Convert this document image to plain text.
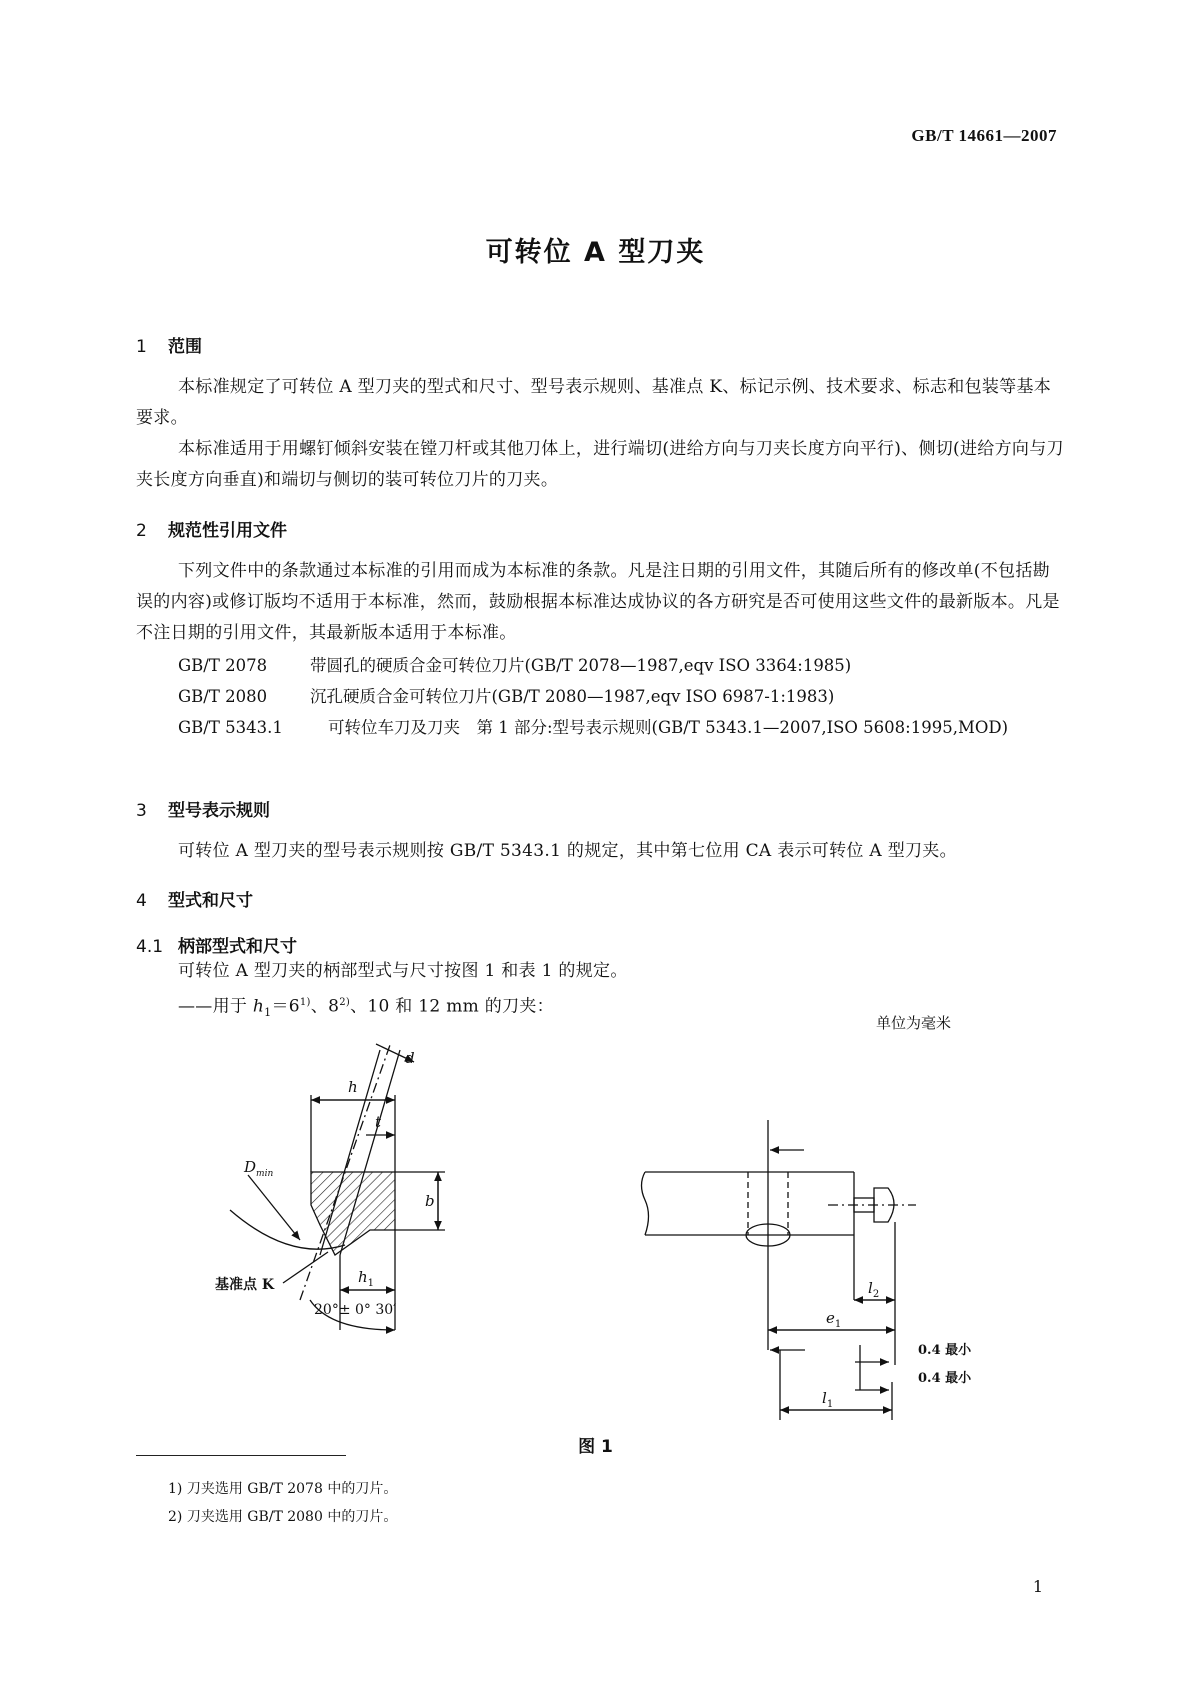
GB/T 14661—2007
可转位 A 型刀夹
1 范围
本标准规定了可转位 A 型刀夹的型式和尺寸、型号表示规则、基准点 K、标记示例、技术要求、标志和包装等基本要求。
本标准适用于用螺钉倾斜安装在镗刀杆或其他刀体上，进行端切(进给方向与刀夹长度方向平行)、侧切(进给方向与刀夹长度方向垂直)和端切与侧切的装可转位刀片的刀夹。
2 规范性引用文件
下列文件中的条款通过本标准的引用而成为本标准的条款。凡是注日期的引用文件，其随后所有的修改单(不包括勘误的内容)或修订版均不适用于本标准，然而，鼓励根据本标准达成协议的各方研究是否可使用这些文件的最新版本。凡是不注日期的引用文件，其最新版本适用于本标准。
GB/T 2078	带圆孔的硬质合金可转位刀片(GB/T 2078—1987,eqv ISO 3364:1985)
GB/T 2080	沉孔硬质合金可转位刀片(GB/T 2080—1987,eqv ISO 6987-1:1983)
GB/T 5343.1	可转位车刀及刀夹　第 1 部分:型号表示规则(GB/T 5343.1—2007,ISO 5608:1995,MOD)
3 型号表示规则
可转位 A 型刀夹的型号表示规则按 GB/T 5343.1 的规定，其中第七位用 CA 表示可转位 A 型刀夹。
4 型式和尺寸
4.1 柄部型式和尺寸
可转位 A 型刀夹的柄部型式与尺寸按图 1 和表 1 的规定。
——用于 $h_1=6^{1)}$、8$^{2)}$、10 和 12 mm 的刀夹：
单位为毫米
d
h
t
b
$D_{min}$
$h_1$
基准点 K
20°± 0° 30′
$l_2$
$e_1$
$l_1$
0.4 最小
0.4 最小
图 1
1) 刀夹选用 GB/T 2078 中的刀片。
2) 刀夹选用 GB/T 2080 中的刀片。
1
